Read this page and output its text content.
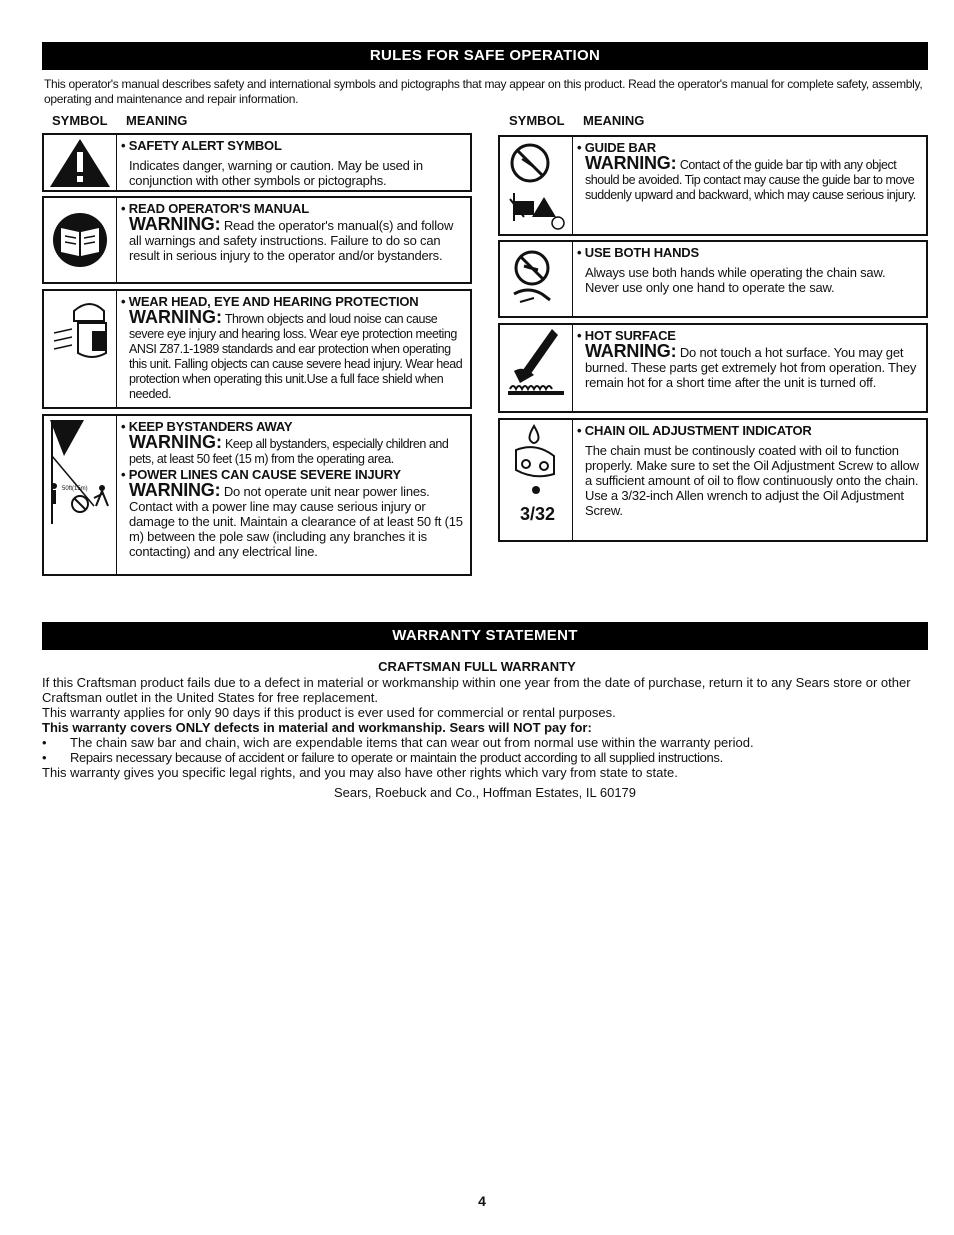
RULES FOR SAFE OPERATION
This operator's manual describes safety and international symbols and pictographs that may appear on this product. Read the operator's manual for complete safety, assembly, operating and maintenance and repair information.
SYMBOL MEANING	SYMBOL MEANING
• SAFETY ALERT SYMBOL
Indicates danger, warning or caution. May be used in conjunction with other symbols or pictographs.
• READ OPERATOR'S MANUAL
WARNING: Read the operator's manual(s) and follow all warnings and safety instructions. Failure to do so can result in serious injury to the operator and/or bystanders.
• WEAR HEAD, EYE AND HEARING PROTECTION
WARNING: Thrown objects and loud noise can cause severe eye injury and hearing loss. Wear eye protection meeting ANSI Z87.1-1989 standards and ear protection when operating this unit. Falling objects can cause severe head injury. Wear head protection when operating this unit.Use a full face shield when needed.
50ft(15m)
• KEEP BYSTANDERS AWAY
WARNING: Keep all bystanders, especially children and pets, at least 50 feet (15 m) from the operating area.
• POWER LINES CAN CAUSE SEVERE INJURY
WARNING: Do not operate unit near power lines.
Contact with a power line may cause serious injury or damage to the unit. Maintain a clearance of at least 50 ft (15 m) between the pole saw (including any branches it is contacting) and any electrical line.
• GUIDE BAR
WARNING: Contact of the guide bar tip with any object
should be avoided. Tip contact may cause the guide bar to move suddenly upward and backward, which may cause serious injury.
• USE BOTH HANDS
Always use both hands while operating the chain saw. Never use only one hand to operate the saw.
• HOT SURFACE
WARNING: Do not touch a hot surface. You may get burned. These parts get extremely hot from operation. They remain hot for a short time after the unit is turned off.
3/32
• CHAIN OIL ADJUSTMENT INDICATOR
The chain must be continously coated with oil to function properly. Make sure to set the Oil Adjustment Screw to allow a sufficient amount of oil to flow continuously onto the chain.
Use a 3/32-inch Allen wrench to adjust the Oil Adjustment Screw.
WARRANTY STATEMENT
CRAFTSMAN FULL WARRANTY
If this Craftsman product fails due to a defect in material or workmanship within one year from the date of purchase, return it to any Sears store or other Craftsman outlet in the United States for free replacement.
This warranty applies for only 90 days if this product is ever used for commercial or rental purposes.
This warranty covers ONLY defects in material and workmanship. Sears will NOT pay for:
• The chain saw bar and chain, wich are expendable items that can wear out from normal use within the warranty period.
• Repairs necessary because of accident or failure to operate or maintain the product according to all supplied instructions.
This warranty gives you specific legal rights, and you may also have other rights which vary from state to state.
Sears, Roebuck and Co., Hoffman Estates, IL 60179
4
